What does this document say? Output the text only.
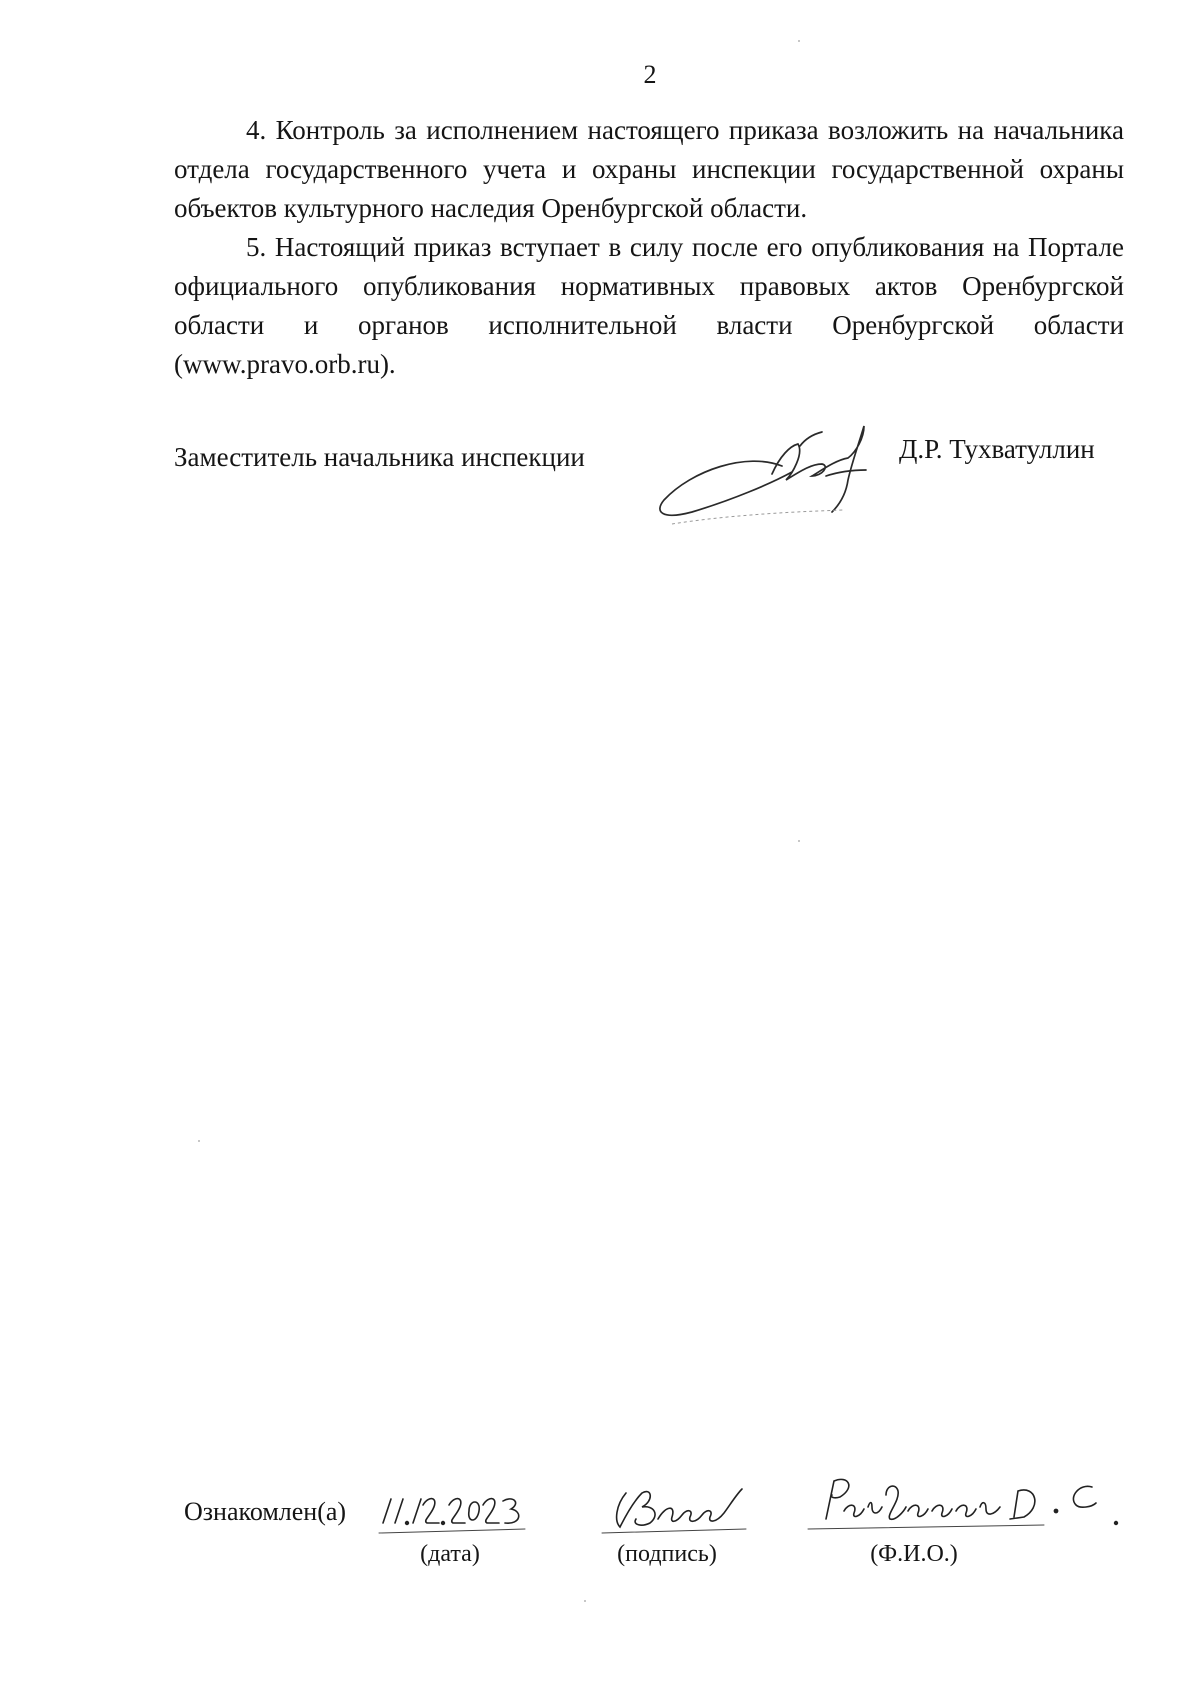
2

4. Контроль за исполнением настоящего приказа возложить на начальника отдела государственного учета и охраны инспекции государственной охраны объектов культурного наследия Оренбургской области.

5. Настоящий приказ вступает в силу после его опубликования на Портале официального опубликования нормативных правовых актов Оренбургской области и органов исполнительной власти Оренбургской области (www.pravo.orb.ru).

Заместитель начальника инспекции	Д.Р. Тухватуллин
Ознакомлен(а)
(дата)	(подпись)	(Ф.И.О.)
